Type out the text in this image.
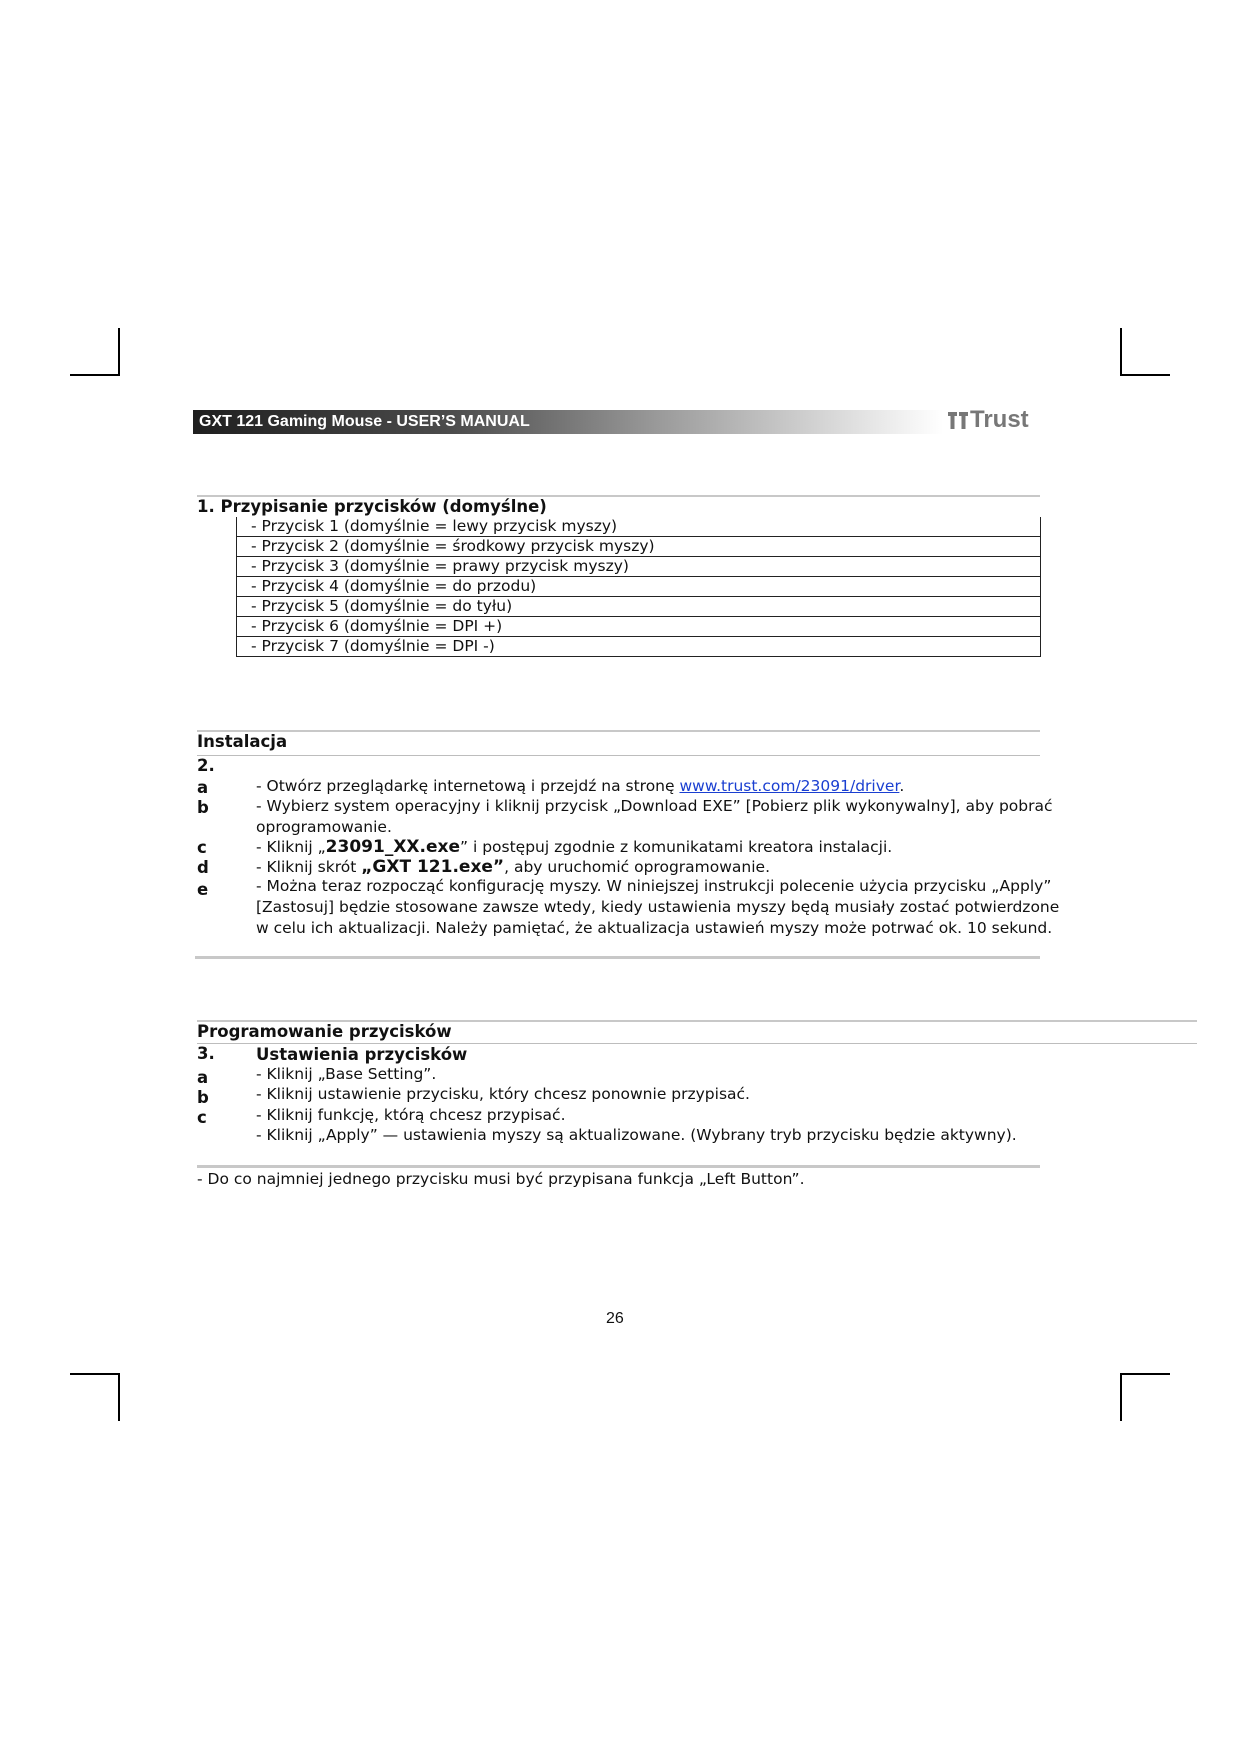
GXT 121 Gaming Mouse - USER’S MANUAL	Trust
1. Przypisanie przycisków (domyślne)
- Przycisk 1 (domyślnie = lewy przycisk myszy)
- Przycisk 2 (domyślnie = środkowy przycisk myszy)
- Przycisk 3 (domyślnie = prawy przycisk myszy)
- Przycisk 4 (domyślnie = do przodu)
- Przycisk 5 (domyślnie = do tyłu)
- Przycisk 6 (domyślnie = DPI +)
- Przycisk 7 (domyślnie = DPI -)
Instalacja
2.
a	- Otwórz przeglądarkę internetową i przejdź na stronę www.trust.com/23091/driver.
b	- Wybierz system operacyjny i kliknij przycisk „Download EXE” [Pobierz plik wykonywalny], aby pobrać
oprogramowanie.
c	- Kliknij „23091_XX.exe” i postępuj zgodnie z komunikatami kreatora instalacji.
d	- Kliknij skrót „GXT 121.exe”, aby uruchomić oprogramowanie.
e	- Można teraz rozpocząć konfigurację myszy. W niniejszej instrukcji polecenie użycia przycisku „Apply”
[Zastosuj] będzie stosowane zawsze wtedy, kiedy ustawienia myszy będą musiały zostać potwierdzone
w celu ich aktualizacji. Należy pamiętać, że aktualizacja ustawień myszy może potrwać ok. 10 sekund.
Programowanie przycisków
3.	Ustawienia przycisków
a	- Kliknij „Base Setting”.
b	- Kliknij ustawienie przycisku, który chcesz ponownie przypisać.
c	- Kliknij funkcję, którą chcesz przypisać.
- Kliknij „Apply” — ustawienia myszy są aktualizowane. (Wybrany tryb przycisku będzie aktywny).
- Do co najmniej jednego przycisku musi być przypisana funkcja „Left Button”.
26
